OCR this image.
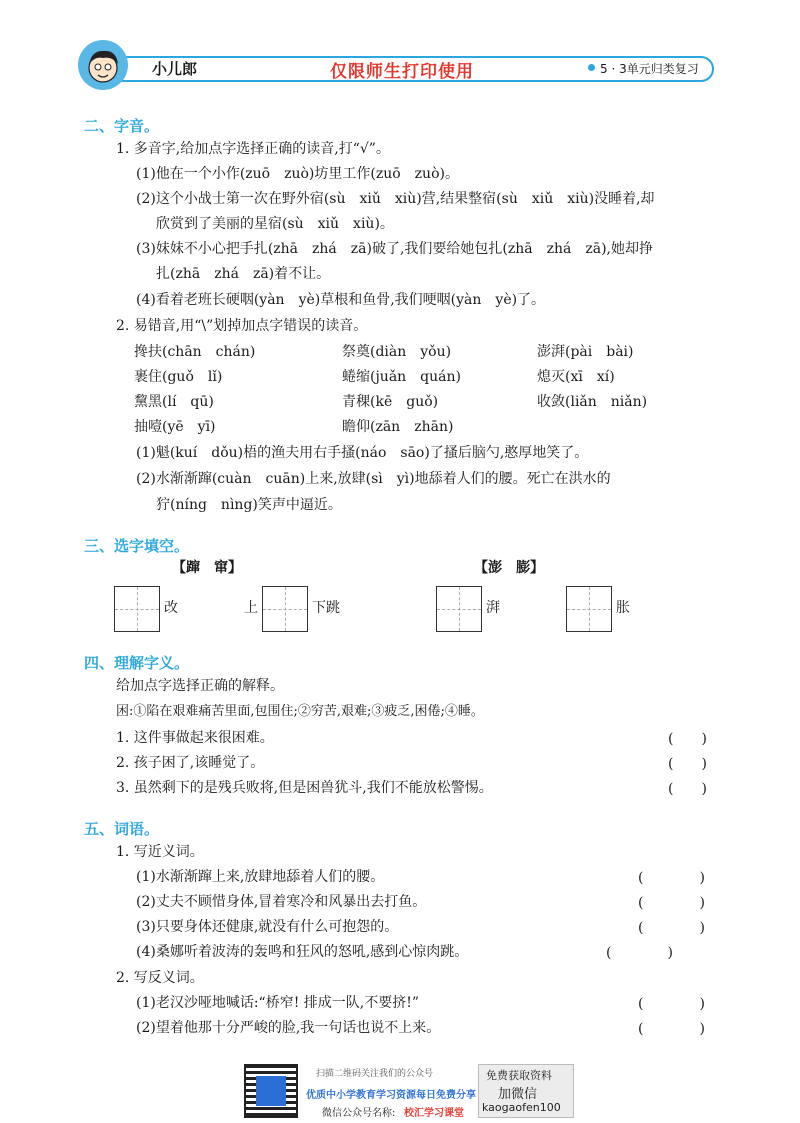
小儿郎	仅限师生打印使用	5 · 3单元归类复习
二、字音。
1. 多音字,给加点字选择正确的读音,打“√”。
(1)他在一个小作(zuō　zuò)坊里工作(zuō　zuò)。
(2)这个小战士第一次在野外宿(sù　xiǔ　xiù)营,结果整宿(sù　xiǔ　xiù)没睡着,却
欣赏到了美丽的星宿(sù　xiǔ　xiù)。
(3)妹妹不小心把手扎(zhā　zhá　zā)破了,我们要给她包扎(zhā　zhá　zā),她却挣
扎(zhā　zhá　zā)着不让。
(4)看着老班长硬咽(yàn　yè)草根和鱼骨,我们哽咽(yàn　yè)了。
2. 易错音,用“\”划掉加点字错误的读音。
搀扶(chān　chán)	祭奠(diàn　yǒu)	澎湃(pài　bài)
裹住(guǒ　lǐ)	蜷缩(juǎn　quán)	熄灭(xī　xí)
黧黑(lí　qū)	青稞(kē　guǒ)	收敛(liǎn　niǎn)
抽噎(yē　yī)	瞻仰(zān　zhān)
(1)魁(kuí　dǒu)梧的渔夫用右手搔(náo　sāo)了搔后脑勺,憨厚地笑了。
(2)水渐渐蹿(cuàn　cuān)上来,放肆(sì　yì)地舔着人们的腰。死亡在洪水的
狞(níng　nìng)笑声中逼近。
三、选字填空。
【蹿　窜】	【澎　膨】
改	上	下跳	湃	胀
四、理解字义。
给加点字选择正确的解释。
困:①陷在艰难痛苦里面,包围住;②穷苦,艰难;③疲乏,困倦;④睡。
1. 这件事做起来很困难。	(　　)
2. 孩子困了,该睡觉了。	(　　)
3. 虽然剩下的是残兵败将,但是困兽犹斗,我们不能放松警惕。	(　　)
五、词语。
1. 写近义词。
(1)水渐渐蹿上来,放肆地舔着人们的腰。	(　　　　)
(2)丈夫不顾惜身体,冒着寒冷和风暴出去打鱼。	(　　　　)
(3)只要身体还健康,就没有什么可抱怨的。	(　　　　)
(4)桑娜听着波涛的轰鸣和狂风的怒吼,感到心惊肉跳。	(　　　　)
2. 写反义词。
(1)老汉沙哑地喊话:“桥窄! 排成一队,不要挤!”	(　　　　)
(2)望着他那十分严峻的脸,我一句话也说不上来。	(　　　　)
扫描二维码关注我们的公众号
优质中小学教育学习资源每日免费分享
微信公众号名称: 校汇学习课堂
免费获取资料
加微信
kaogaofen100
